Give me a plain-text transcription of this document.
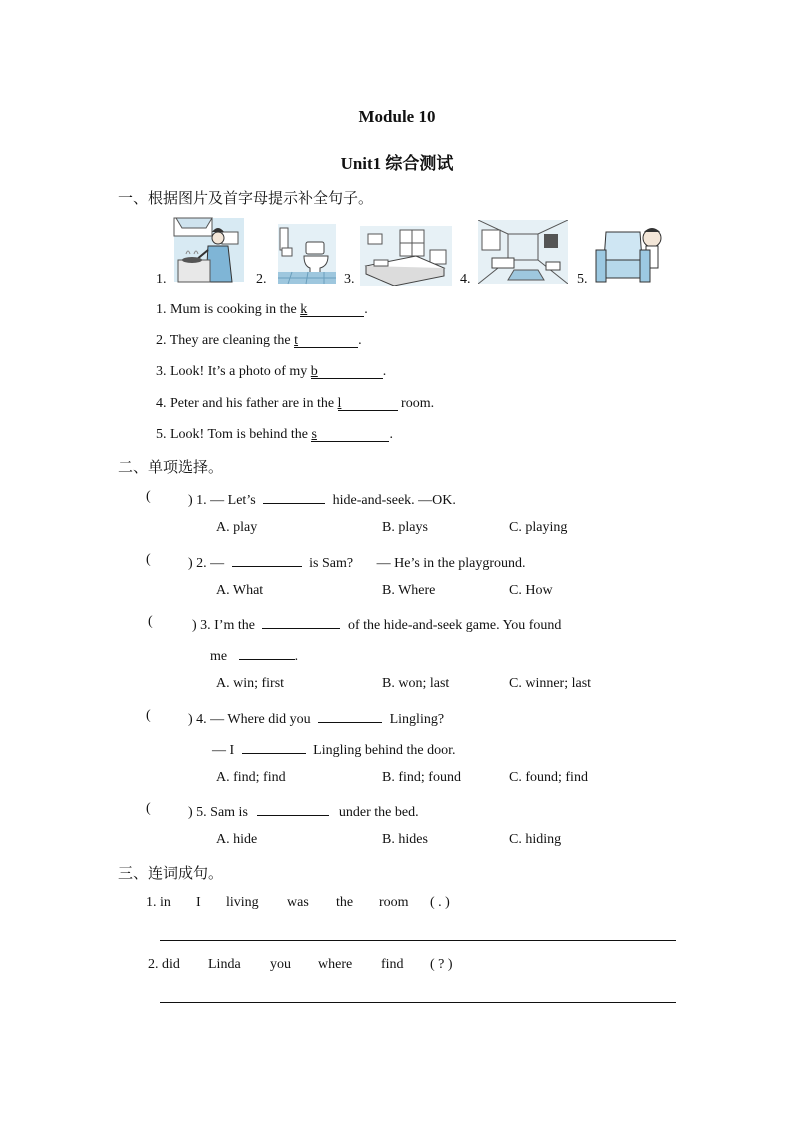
Module 10
Unit1 综合测试
一、根据图片及首字母提示补全句子。
1.	2.	3.	4.	5.
1. Mum is cooking in the k	.
2. They are cleaning the t	.
3. Look! It’s a photo of my b	.
4. Peter and his father are in the l	room.
5. Look! Tom is behind the s	.
二、单项选择。
(	) 1. — Let’s	hide-and-seek. —OK.
A. play	B. plays	C. playing
(	) 2. —	is Sam? — He’s in the playground.
A. What	B. Where	C. How
(	) 3. I’m the	of the hide-and-seek game. You found
me	.
A. win; first	B. won; last	C. winner; last
(	) 4. — Where did you	Lingling?
— I	Lingling behind the door.
A. find; find	B. find; found	C. found; find
(	) 5. Sam is	under the bed.
A. hide	B. hides	C. hiding
三、连词成句。
1. in I living was the room ( . )
2. did Linda you where find ( ? )
